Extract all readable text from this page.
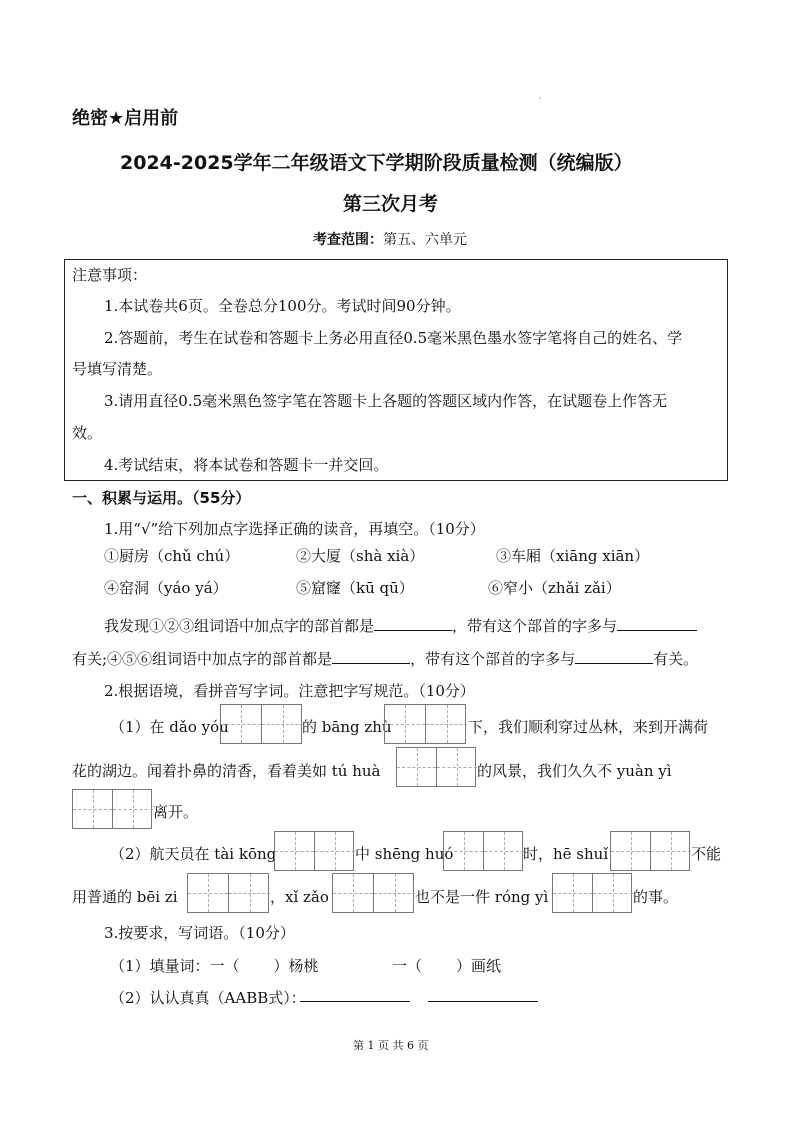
绝密★启用前
'
2024-2025学年二年级语文下学期阶段质量检测（统编版）
第三次月考
考查范围：第五、六单元
注意事项：
1.本试卷共6页。全卷总分100分。考试时间90分钟。
2.答题前，考生在试卷和答题卡上务必用直径0.5毫米黑色墨水签字笔将自己的姓名、学
号填写清楚。
3.请用直径0.5毫米黑色签字笔在答题卡上各题的答题区域内作答，在试题卷上作答无
效。
4.考试结束，将本试卷和答题卡一并交回。
一、积累与运用。（55分）
1.用“√”给下列加点字选择正确的读音，再填空。（10分）
①厨房（chǔ chú）	②大厦（shà xià）	③车厢（xiāng xiān）
④窑洞（yáo yá）	⑤窟窿（kū qū）	⑥窄小（zhǎi zǎi）
我发现①②③组词语中加点字的部首都是	，带有这个部首的字多与
有关;④⑤⑥组词语中加点字的部首都是	，带有这个部首的字多与	有关。
2.根据语境，看拼音写字词。注意把字写规范。（10分）
（1）在 dǎo yóu	的 bāng zhù	下，我们顺利穿过丛林，来到开满荷
花的湖边。闻着扑鼻的清香，看着美如 tú huà	的风景，我们久久不 yuàn yì
离开。
（2）航天员在 tài kōng	中 shēng huó	时，hē shuǐ	不能
用普通的 bēi zi	，xǐ zǎo	也不是一件 róng yì	的事。
3.按要求，写词语。（10分）
（1）填量词：一（ ）杨桃	一（ ）画纸
（2）认认真真（AABB式）：
第 1 页 共 6 页
